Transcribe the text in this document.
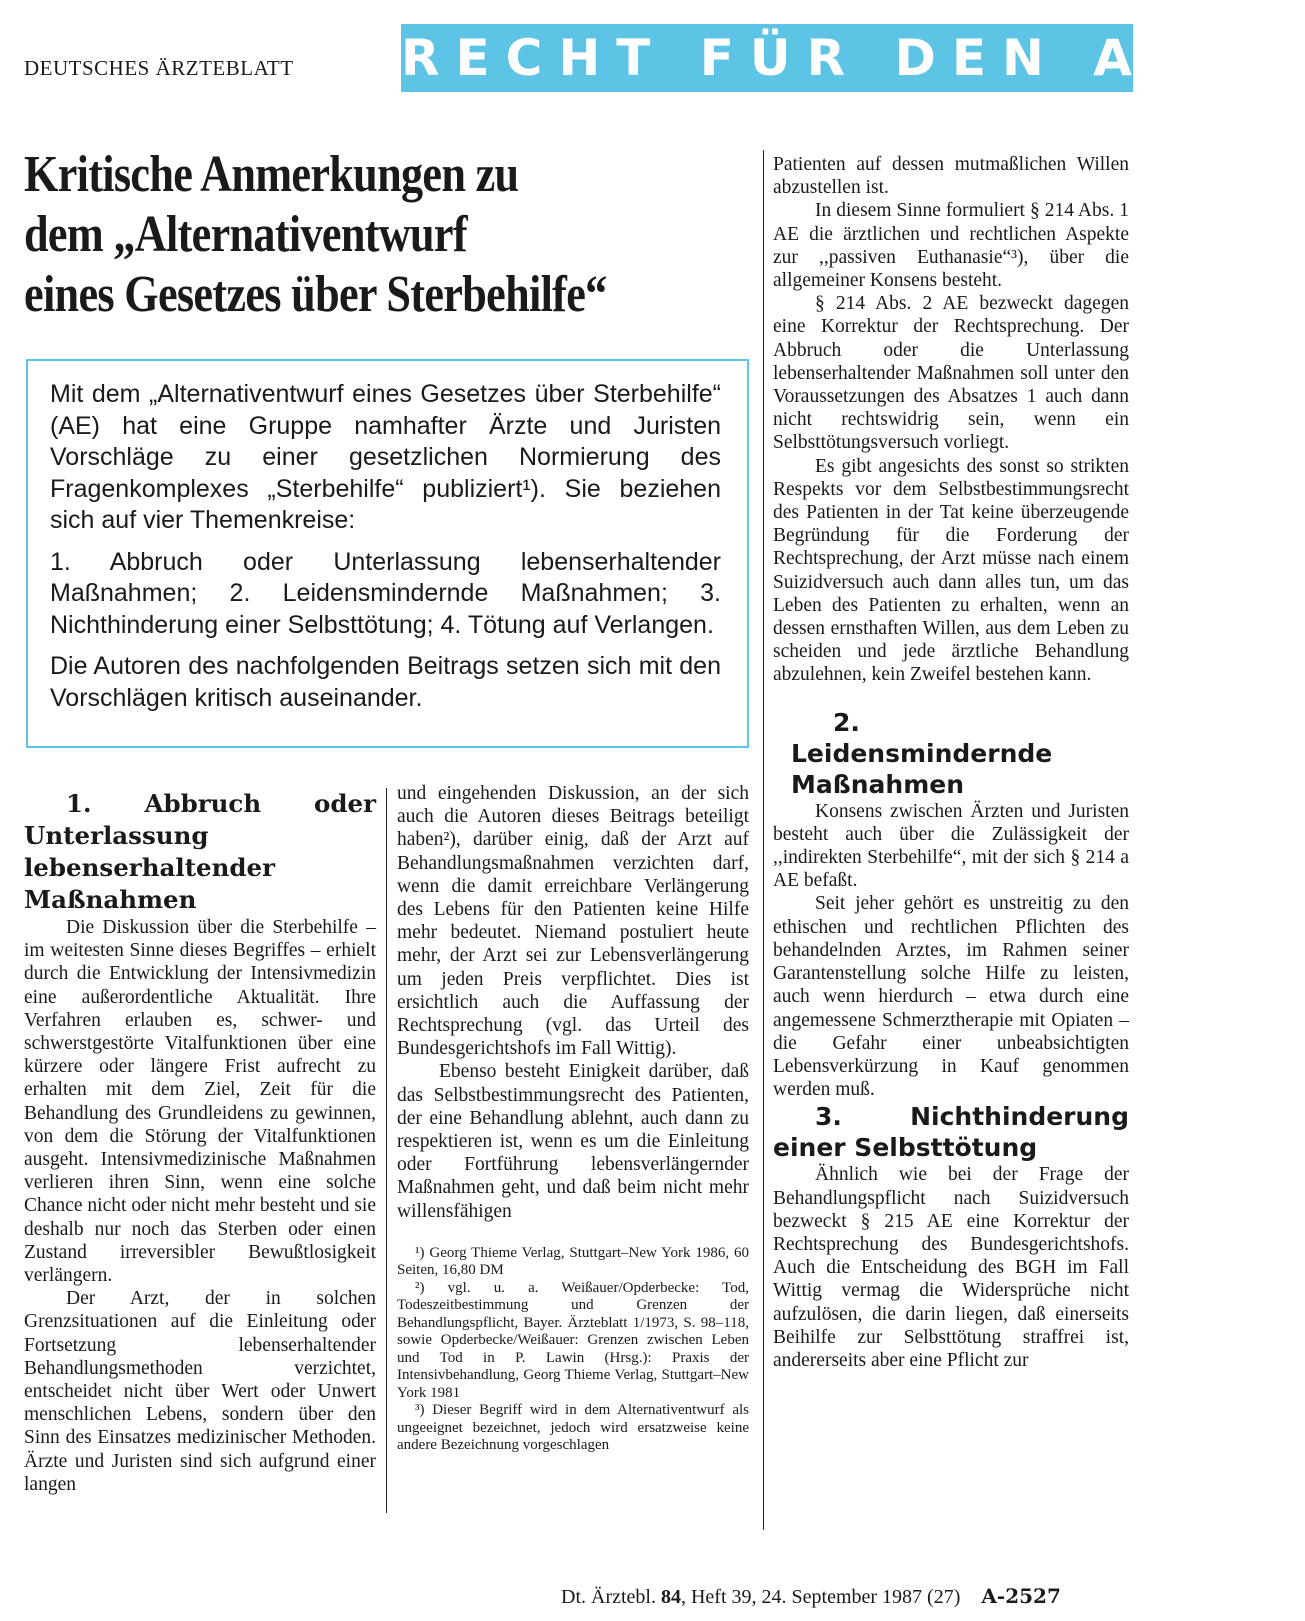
DEUTSCHES ÄRZTEBLATT RECHT FÜR DEN ARZT
Kritische Anmerkungen zu
dem „Alternativentwurf
eines Gesetzes über Sterbehilfe“

Mit dem „Alternativentwurf eines Gesetzes über Sterbehilfe“ (AE) hat eine Gruppe namhafter Ärzte und Juristen Vorschläge zu einer gesetzlichen Normierung des Fragenkomplexes „Sterbehilfe“ publiziert¹). Sie beziehen sich auf vier Themenkreise:

1. Abbruch oder Unterlassung lebenserhaltender Maßnahmen; 2. Leidensmindernde Maßnahmen; 3. Nichthinderung einer Selbsttötung; 4. Tötung auf Verlangen.

Die Autoren des nachfolgenden Beitrags setzen sich mit den Vorschlägen kritisch auseinander.

1. Abbruch oder Unterlassung lebenserhaltender Maßnahmen

Die Diskussion über die Sterbehilfe – im weitesten Sinne dieses Begriffes – erhielt durch die Entwicklung der Intensivmedizin eine außerordentliche Aktualität. Ihre Verfahren erlauben es, schwer- und schwerstgestörte Vitalfunktionen über eine kürzere oder längere Frist aufrecht zu erhalten mit dem Ziel, Zeit für die Behandlung des Grundleidens zu gewinnen, von dem die Störung der Vitalfunktionen ausgeht. Intensivmedizinische Maßnahmen verlieren ihren Sinn, wenn eine solche Chance nicht oder nicht mehr besteht und sie deshalb nur noch das Sterben oder einen Zustand irreversibler Bewußtlosigkeit verlängern.

Der Arzt, der in solchen Grenzsituationen auf die Einleitung oder Fortsetzung lebenserhaltender Behandlungsmethoden verzichtet, entscheidet nicht über Wert oder Unwert menschlichen Lebens, sondern über den Sinn des Einsatzes medizinischer Methoden. Ärzte und Juristen sind sich aufgrund einer langen

und eingehenden Diskussion, an der sich auch die Autoren dieses Beitrags beteiligt haben²), darüber einig, daß der Arzt auf Behandlungsmaßnahmen verzichten darf, wenn die damit erreichbare Verlängerung des Lebens für den Patienten keine Hilfe mehr bedeutet. Niemand postuliert heute mehr, der Arzt sei zur Lebensverlängerung um jeden Preis verpflichtet. Dies ist ersichtlich auch die Auffassung der Rechtsprechung (vgl. das Urteil des Bundesgerichtshofs im Fall Wittig).

Ebenso besteht Einigkeit darüber, daß das Selbstbestimmungsrecht des Patienten, der eine Behandlung ablehnt, auch dann zu respektieren ist, wenn es um die Einleitung oder Fortführung lebensverlängernder Maßnahmen geht, und daß beim nicht mehr willensfähigen

¹) Georg Thieme Verlag, Stuttgart–New York 1986, 60 Seiten, 16,80 DM

²) vgl. u. a. Weißauer/Opderbecke: Tod, Todeszeitbestimmung und Grenzen der Behandlungspflicht, Bayer. Ärzteblatt 1/1973, S. 98–118, sowie Opderbecke/Weißauer: Grenzen zwischen Leben und Tod in P. Lawin (Hrsg.): Praxis der Intensivbehandlung, Georg Thieme Verlag, Stuttgart–New York 1981

³) Dieser Begriff wird in dem Alternativentwurf als ungeeignet bezeichnet, jedoch wird ersatzweise keine andere Bezeichnung vorgeschlagen

Patienten auf dessen mutmaßlichen Willen abzustellen ist.

In diesem Sinne formuliert § 214 Abs. 1 AE die ärztlichen und rechtlichen Aspekte zur ,,passiven Euthanasie“³), über die allgemeiner Konsens besteht.

§ 214 Abs. 2 AE bezweckt dagegen eine Korrektur der Rechtsprechung. Der Abbruch oder die Unterlassung lebenserhaltender Maßnahmen soll unter den Voraussetzungen des Absatzes 1 auch dann nicht rechtswidrig sein, wenn ein Selbsttötungsversuch vorliegt.

Es gibt angesichts des sonst so strikten Respekts vor dem Selbstbestimmungsrecht des Patienten in der Tat keine überzeugende Begründung für die Forderung der Rechtsprechung, der Arzt müsse nach einem Suizidversuch auch dann alles tun, um das Leben des Patienten zu erhalten, wenn an dessen ernsthaften Willen, aus dem Leben zu scheiden und jede ärztliche Behandlung abzulehnen, kein Zweifel bestehen kann.

2. Leidensmindernde Maßnahmen

Konsens zwischen Ärzten und Juristen besteht auch über die Zulässigkeit der ,,indirekten Sterbehilfe“, mit der sich § 214 a AE befaßt.

Seit jeher gehört es unstreitig zu den ethischen und rechtlichen Pflichten des behandelnden Arztes, im Rahmen seiner Garantenstellung solche Hilfe zu leisten, auch wenn hierdurch – etwa durch eine angemessene Schmerztherapie mit Opiaten – die Gefahr einer unbeabsichtigten Lebensverkürzung in Kauf genommen werden muß.

3. Nichthinderung einer Selbsttötung

Ähnlich wie bei der Frage der Behandlungspflicht nach Suizidversuch bezweckt § 215 AE eine Korrektur der Rechtsprechung des Bundesgerichtshofs. Auch die Entscheidung des BGH im Fall Wittig vermag die Widersprüche nicht aufzulösen, die darin liegen, daß einerseits Beihilfe zur Selbsttötung straffrei ist, andererseits aber eine Pflicht zur

Dt. Ärztebl. 84, Heft 39, 24. September 1987 (27) A-2527
